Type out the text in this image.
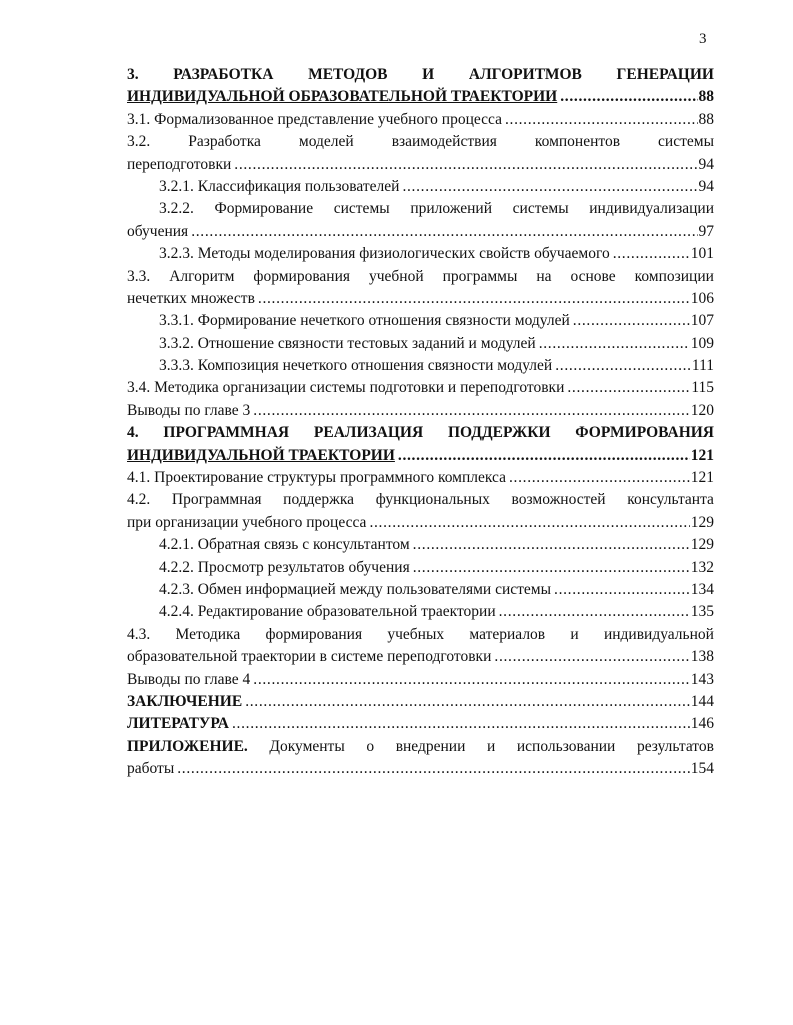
3
3. РАЗРАБОТКА МЕТОДОВ И АЛГОРИТМОВ ГЕНЕРАЦИИ
ИНДИВИДУАЛЬНОЙ ОБРАЗОВАТЕЛЬНОЙ ТРАЕКТОРИИ . . .	88
3.1. Формализованное представление учебного процесса . . .	88
3.2. Разработка моделей взаимодействия компонентов системы
переподготовки . . .	94
3.2.1. Классификация пользователей . . .	94
3.2.2. Формирование системы приложений системы индивидуализации
обучения . . .	97
3.2.3. Методы моделирования физиологических свойств обучаемого . . .	101
3.3. Алгоритм формирования учебной программы на основе композиции
нечетких множеств . . .	106
3.3.1. Формирование нечеткого отношения связности модулей . . .	107
3.3.2. Отношение связности тестовых заданий и модулей . . .	109
3.3.3. Композиция нечеткого отношения связности модулей . . .	111
3.4. Методика организации системы подготовки и переподготовки . . .	115
Выводы по главе 3 . . .	120
4. ПРОГРАММНАЯ РЕАЛИЗАЦИЯ ПОДДЕРЖКИ ФОРМИРОВАНИЯ
ИНДИВИДУАЛЬНОЙ ТРАЕКТОРИИ . . .	121
4.1. Проектирование структуры программного комплекса . . .	121
4.2. Программная поддержка функциональных возможностей консультанта
при организации учебного процесса . . .	129
4.2.1. Обратная связь с консультантом . . .	129
4.2.2. Просмотр результатов обучения . . .	132
4.2.3. Обмен информацией между пользователями системы . . .	134
4.2.4. Редактирование образовательной траектории . . .	135
4.3. Методика формирования учебных материалов и индивидуальной
образовательной траектории в системе переподготовки . . .	138
Выводы по главе 4 . . .	143
ЗАКЛЮЧЕНИЕ . . .	144
ЛИТЕРАТУРА . . .	146
ПРИЛОЖЕНИЕ. Документы о внедрении и использовании результатов
работы . . .	154
